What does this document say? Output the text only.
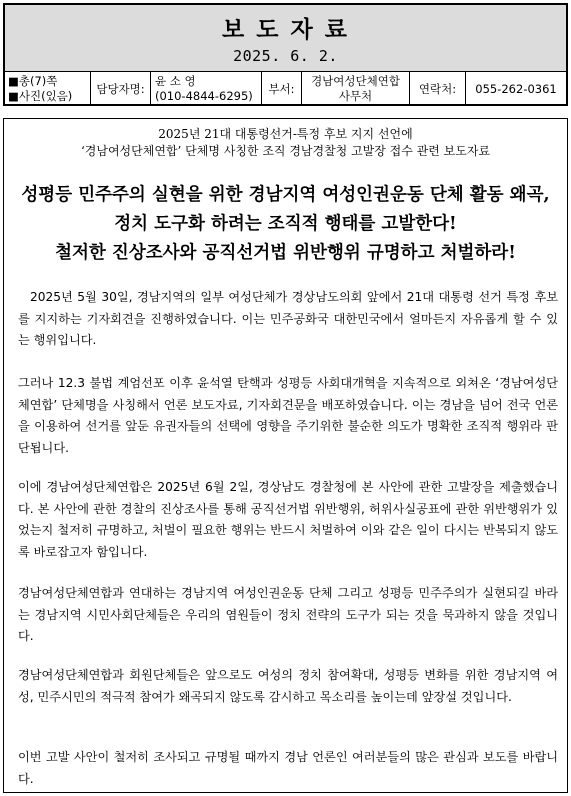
보 도 자 료
2025. 6. 2.
■총(7)쪽
■사진(있음) 담당자명:
윤 소 영
(010-4844-6295) 부서:
경남여성단체연합
사무처	연락처: 055-262-0361
2025년 21대 대통령선거-특정 후보 지지 선언에
‘경남여성단체연합’ 단체명 사칭한 조직 경남경찰청 고발장 접수 관련 보도자료
성평등 민주주의 실현을 위한 경남지역 여성인권운동 단체 활동 왜곡,
정치 도구화 하려는 조직적 행태를 고발한다!
철저한 진상조사와 공직선거법 위반행위 규명하고 처벌하라!

2025년 5월 30일, 경남지역의 일부 여성단체가 경상남도의회 앞에서 21대 대통령 선거 특정 후보를 지지하는 기자회견을 진행하였습니다. 이는 민주공화국 대한민국에서 얼마든지 자유롭게 할 수 있는 행위입니다.

그러나 12.3 불법 계엄선포 이후 윤석열 탄핵과 성평등 사회대개혁을 지속적으로 외쳐온 ‘경남여성단체연합’ 단체명을 사칭해서 언론 보도자료, 기자회견문을 배포하였습니다. 이는 경남을 넘어 전국 언론을 이용하여 선거를 앞둔 유권자들의 선택에 영향을 주기위한 불순한 의도가 명확한 조직적 행위라 판단됩니다.

이에 경남여성단체연합은 2025년 6월 2일, 경상남도 경찰청에 본 사안에 관한 고발장을 제출했습니다. 본 사안에 관한 경찰의 진상조사를 통해 공직선거법 위반행위, 허위사실공표에 관한 위반행위가 있었는지 철저히 규명하고, 처벌이 필요한 행위는 반드시 처벌하여 이와 같은 일이 다시는 반복되지 않도록 바로잡고자 함입니다.

경남여성단체연합과 연대하는 경남지역 여성인권운동 단체 그리고 성평등 민주주의가 실현되길 바라는 경남지역 시민사회단체들은 우리의 염원들이 정치 전략의 도구가 되는 것을 묵과하지 않을 것입니다.

경남여성단체연합과 회원단체들은 앞으로도 여성의 정치 참여확대, 성평등 변화를 위한 경남지역 여성, 민주시민의 적극적 참여가 왜곡되지 않도록 감시하고 목소리를 높이는데 앞장설 것입니다.

이번 고발 사안이 철저히 조사되고 규명될 때까지 경남 언론인 여러분들의 많은 관심과 보도를 바랍니다.
